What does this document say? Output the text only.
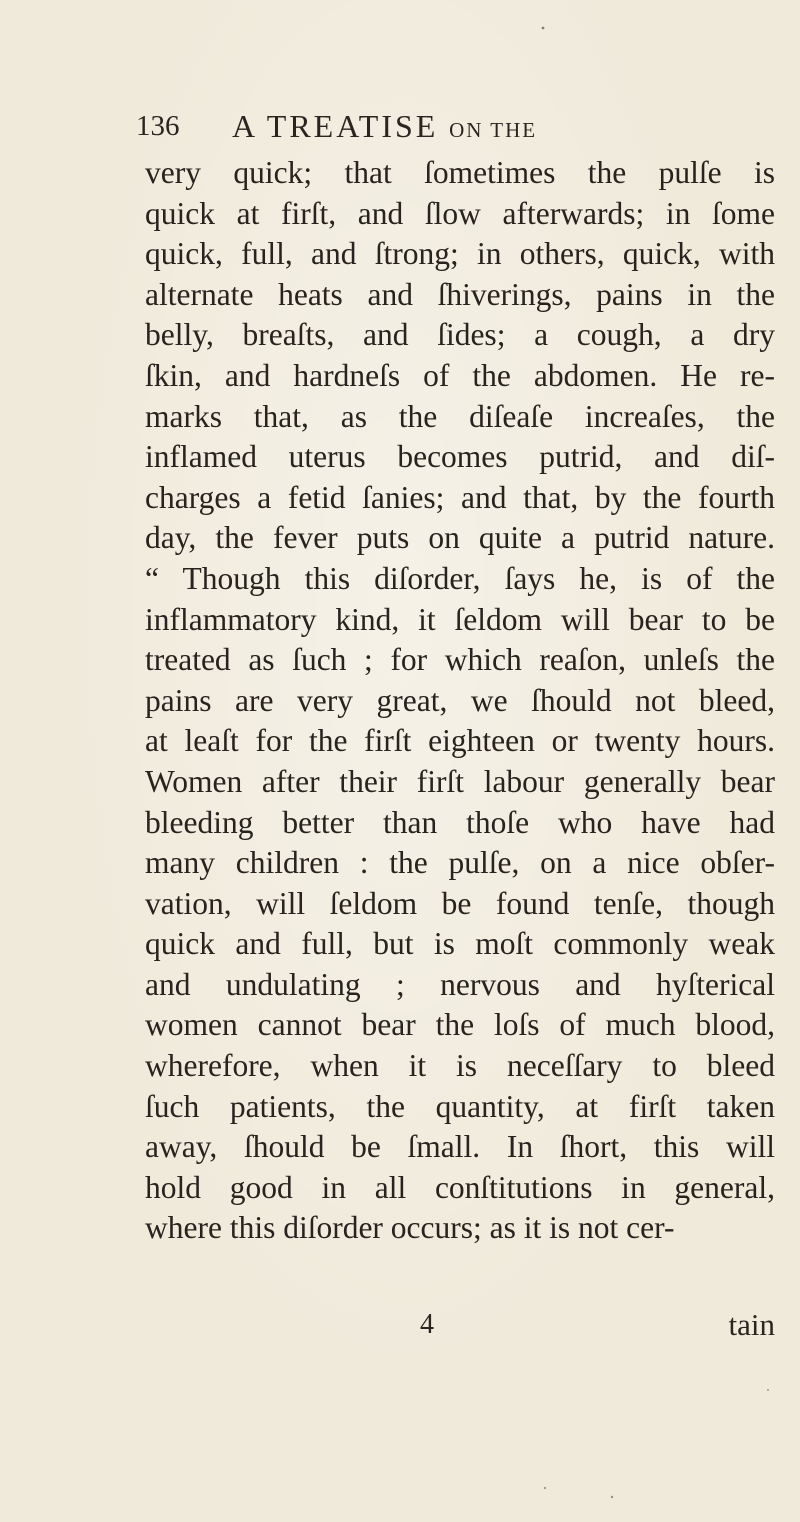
136 A TREATISE ON THE
very quick; that ſometimes the pulſe is
quick at firſt, and ſlow afterwards; in ſome
quick, full, and ſtrong; in others, quick, with
alternate heats and ſhiverings, pains in the
belly, breaſts, and ſides; a cough, a dry
ſkin, and hardneſs of the abdomen. He re-
marks that, as the diſeaſe increaſes, the
inflamed uterus becomes putrid, and diſ-
charges a fetid ſanies; and that, by the fourth
day, the fever puts on quite a putrid nature.
“ Though this diſorder, ſays he, is of the
inflammatory kind, it ſeldom will bear to be
treated as ſuch ; for which reaſon, unleſs the
pains are very great, we ſhould not bleed,
at leaſt for the firſt eighteen or twenty hours.
Women after their firſt labour generally bear
bleeding better than thoſe who have had
many children : the pulſe, on a nice obſer-
vation, will ſeldom be found tenſe, though
quick and full, but is moſt commonly weak
and undulating ; nervous and hyſterical
women cannot bear the loſs of much blood,
wherefore, when it is neceſſary to bleed
ſuch patients, the quantity, at firſt taken
away, ſhould be ſmall. In ſhort, this will
hold good in all conſtitutions in general,
where this diſorder occurs; as it is not cer-
4	tain
